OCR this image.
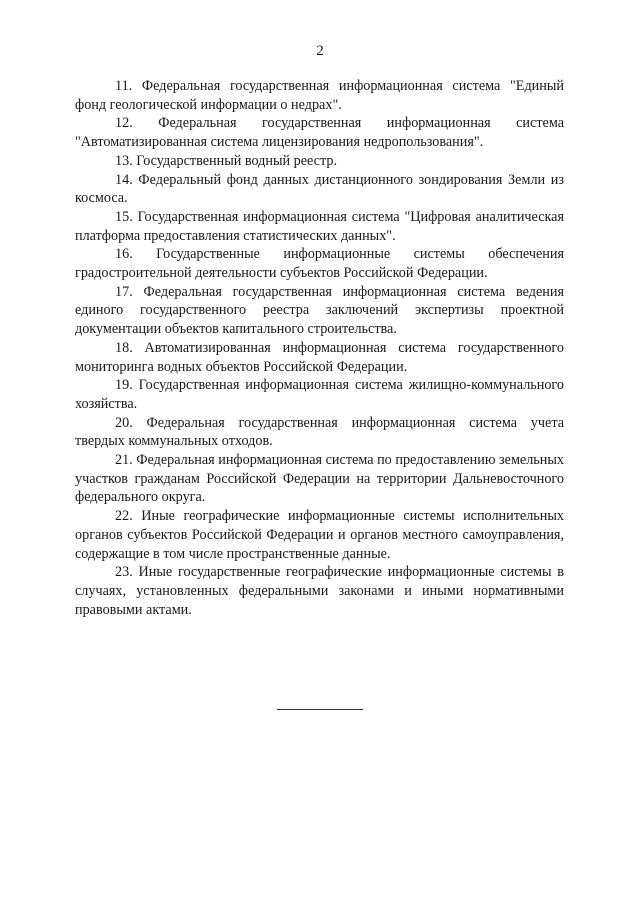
2

11. Федеральная государственная информационная система "Единый фонд геологической информации о недрах".

12. Федеральная государственная информационная система "Автоматизированная система лицензирования недропользования".

13. Государственный водный реестр.

14. Федеральный фонд данных дистанционного зондирования Земли из космоса.

15. Государственная информационная система "Цифровая аналитическая платформа предоставления статистических данных".

16. Государственные информационные системы обеспечения градостроительной деятельности субъектов Российской Федерации.

17. Федеральная государственная информационная система ведения единого государственного реестра заключений экспертизы проектной документации объектов капитального строительства.

18. Автоматизированная информационная система государственного мониторинга водных объектов Российской Федерации.

19. Государственная информационная система жилищно-коммунального хозяйства.

20. Федеральная государственная информационная система учета твердых коммунальных отходов.

21. Федеральная информационная система по предоставлению земельных участков гражданам Российской Федерации на территории Дальневосточного федерального округа.

22. Иные географические информационные системы исполнительных органов субъектов Российской Федерации и органов местного самоуправления, содержащие в том числе пространственные данные.

23. Иные государственные географические информационные системы в случаях, установленных федеральными законами и иными нормативными правовыми актами.
